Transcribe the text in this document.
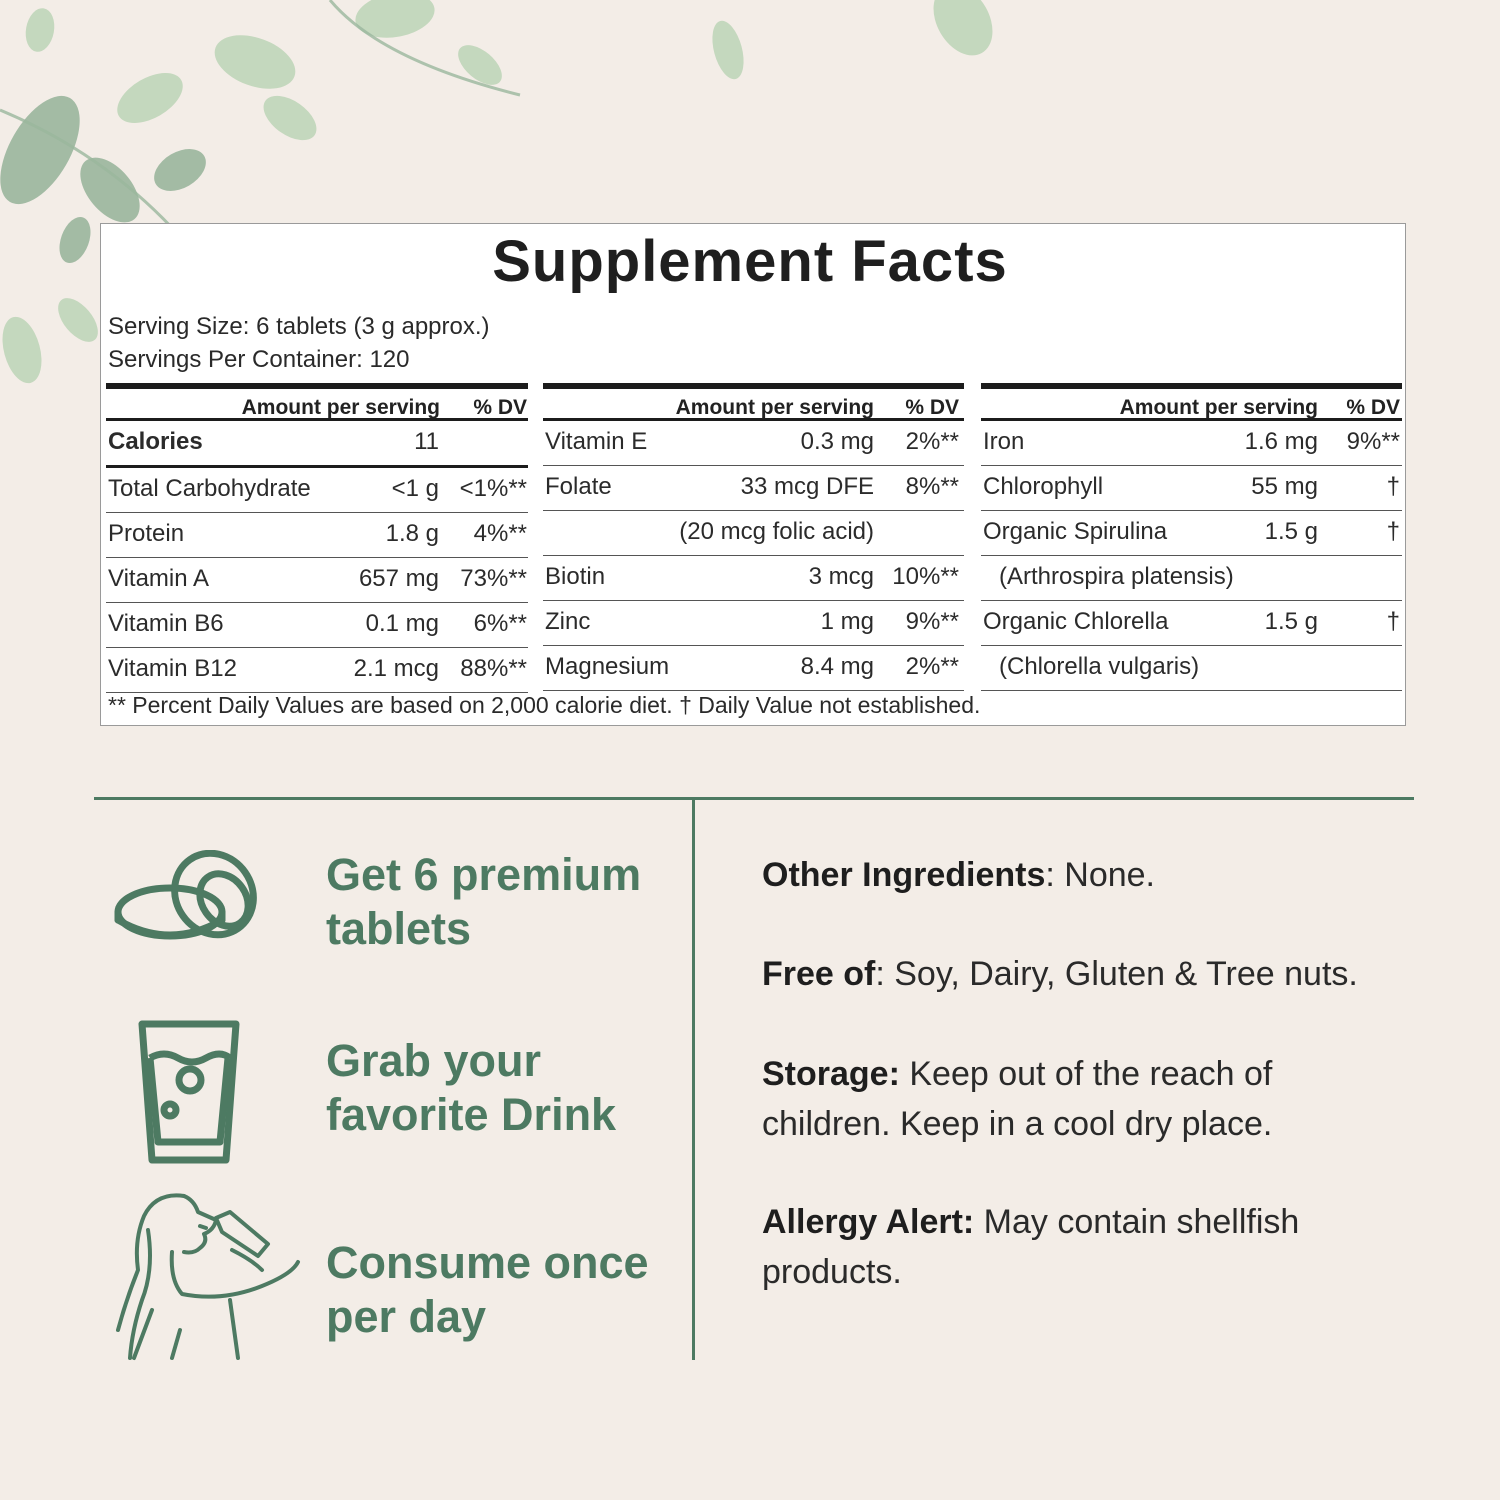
Supplement Facts
Serving Size: 6 tablets (3 g approx.)
Servings Per Container: 120
Amount per serving % DV
Calories	11
Total Carbohydrate	<1 g <1%**
Protein	1.8 g 4%**
Vitamin A	657 mg 73%**
Vitamin B6	0.1 mg 6%**
Vitamin B12	2.1 mcg 88%**
Amount per serving % DV
Vitamin E	0.3 mg 2%**
Folate	33 mcg DFE 8%**
(20 mcg folic acid)
Biotin	3 mcg 10%**
Zinc	1 mg 9%**
Magnesium	8.4 mg 2%**
Amount per serving % DV
Iron	1.6 mg 9%**
Chlorophyll	55 mg	†
Organic Spirulina	1.5 g	†
(Arthrospira platensis)
Organic Chlorella	1.5 g	†
(Chlorella vulgaris)
** Percent Daily Values are based on 2,000 calorie diet. † Daily Value not established.

Get 6 premium tablets

Grab your favorite Drink

Consume once per day

Other Ingredients: None.

Free of: Soy, Dairy, Gluten & Tree nuts.

Storage: Keep out of the reach of children. Keep in a cool dry place.

Allergy Alert: May contain shellfish products.
